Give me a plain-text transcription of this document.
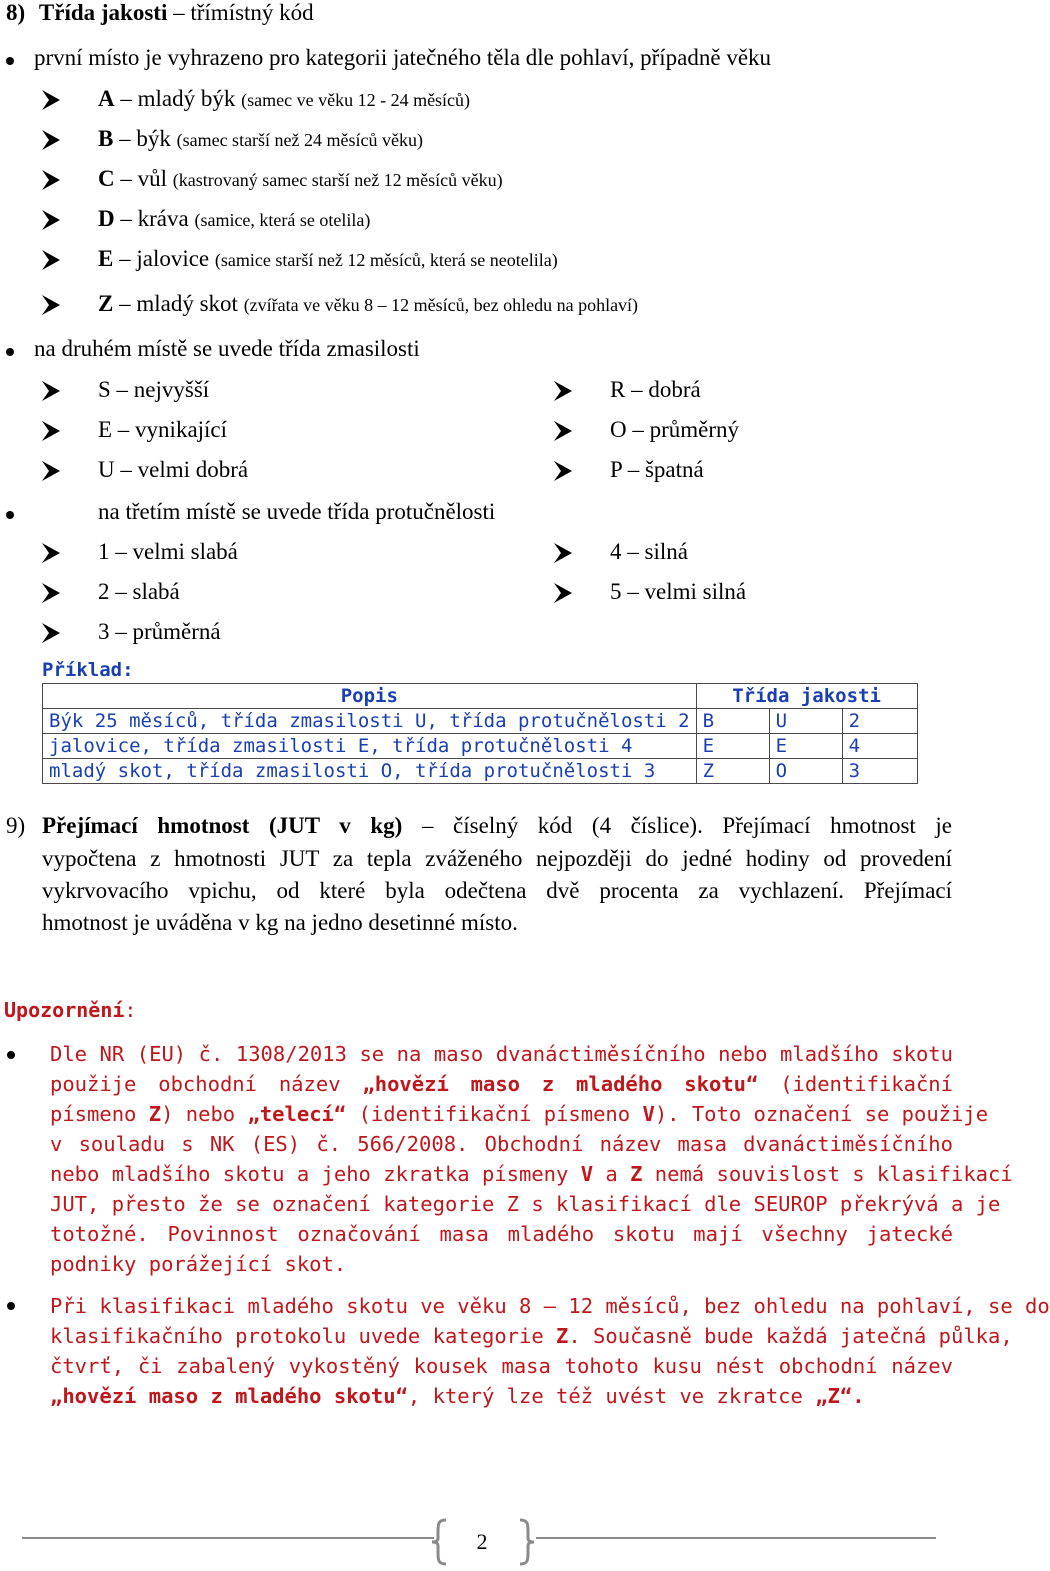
8) Třída jakosti – třímístný kód
první místo je vyhrazeno pro kategorii jatečného těla dle pohlaví, případně věku
A – mladý býk (samec ve věku 12 - 24 měsíců)
B – býk (samec starší než 24 měsíců věku)
C – vůl (kastrovaný samec starší než 12 měsíců věku)
D – kráva (samice, která se otelila)
E – jalovice (samice starší než 12 měsíců, která se neotelila)
Z – mladý skot (zvířata ve věku 8 – 12 měsíců, bez ohledu na pohlaví)
na druhém místě se uvede třída zmasilosti
S – nejvyšší
E – vynikající
U – velmi dobrá
R – dobrá
O – průměrný
P – špatná
na třetím místě se uvede třída protučnělosti
1 – velmi slabá
2 – slabá
3 – průměrná
4 – silná
5 – velmi silná
Příklad:
Popis	Třída jakosti		
Býk 25 měsíců, třída zmasilosti U, třída protučnělosti 2	B	U	2
jalovice, třída zmasilosti E, třída protučnělosti 4	E	E	4
mladý skot, třída zmasilosti O, třída protučnělosti 3	Z	O	3
9) Přejímací hmotnost (JUT v kg) – číselný kód (4 číslice). Přejímací hmotnost je
vypočtena z hmotnosti JUT za tepla zváženého nejpozději do jedné hodiny od provedení
vykrvovacího vpichu, od které byla odečtena dvě procenta za vychlazení. Přejímací
hmotnost je uváděna v kg na jedno desetinné místo.
Upozornění:
Dle NR (EU) č. 1308/2013 se na maso dvanáctiměsíčního nebo mladšího skotu
použije obchodní název „hovězí maso z mladého skotu“ (identifikační
písmeno Z) nebo „telecí“ (identifikační písmeno V). Toto označení se použije
v souladu s NK (ES) č. 566/2008. Obchodní název masa dvanáctiměsíčního
nebo mladšího skotu a jeho zkratka písmeny V a Z nemá souvislost s klasifikací
JUT, přesto že se označení kategorie Z s klasifikací dle SEUROP překrývá a je
totožné. Povinnost označování masa mladého skotu mají všechny jatecké
podniky porážející skot.
Při klasifikaci mladého skotu ve věku 8 – 12 měsíců, bez ohledu na pohlaví, se do
klasifikačního protokolu uvede kategorie Z. Současně bude každá jatečná půlka,
čtvrť, či zabalený vykostěný kousek masa tohoto kusu nést obchodní název
„hovězí maso z mladého skotu“, který lze též uvést ve zkratce „Z“.
2
